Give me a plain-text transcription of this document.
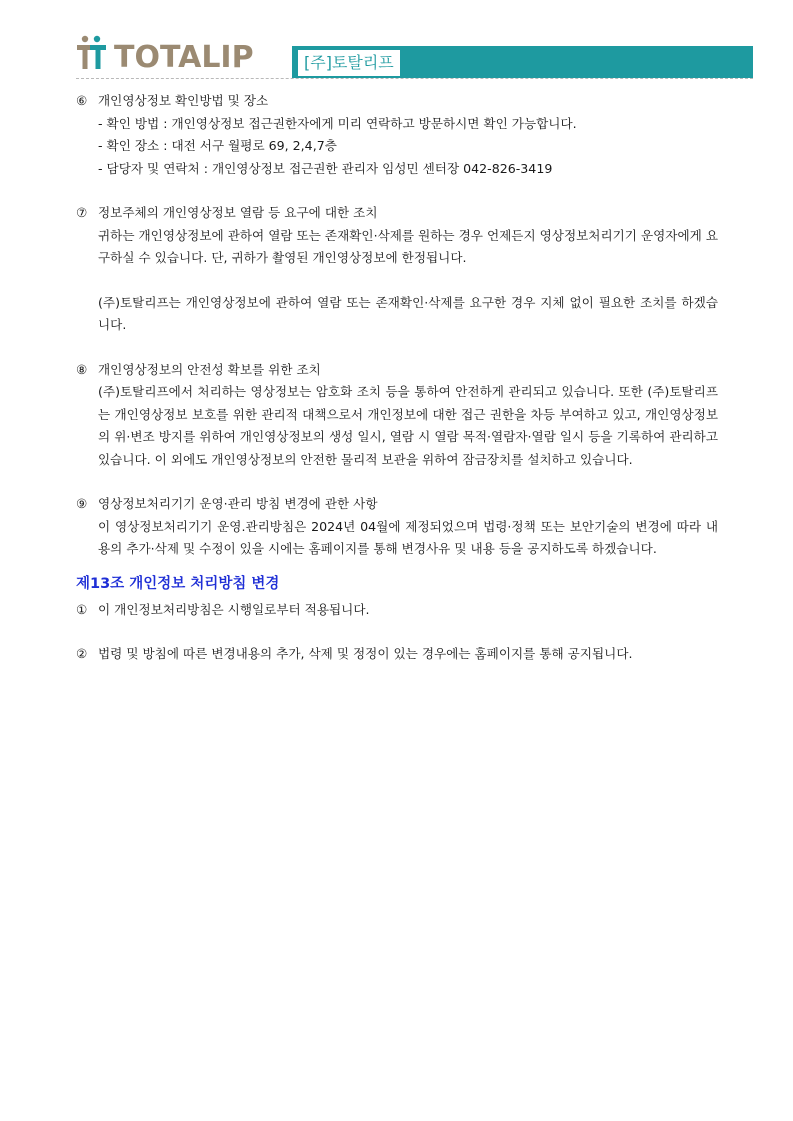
TOTALIP	[주]토탈리프
⑥ 개인영상정보 확인방법 및 장소
- 확인 방법 : 개인영상정보 접근권한자에게 미리 연락하고 방문하시면 확인 가능합니다.
- 확인 장소 : 대전 서구 월평로 69, 2,4,7층
- 담당자 및 연락처 : 개인영상정보 접근권한 관리자 임성민 센터장 042-826-3419
⑦ 정보주체의 개인영상정보 열람 등 요구에 대한 조치
귀하는 개인영상정보에 관하여 열람 또는 존재확인·삭제를 원하는 경우 언제든지 영상정보처리기기 운영자에게 요구하실 수 있습니다. 단, 귀하가 촬영된 개인영상정보에 한정됩니다.
(주)토탈리프는 개인영상정보에 관하여 열람 또는 존재확인·삭제를 요구한 경우 지체 없이 필요한 조치를 하겠습니다.
⑧ 개인영상정보의 안전성 확보를 위한 조치
(주)토탈리프에서 처리하는 영상정보는 암호화 조치 등을 통하여 안전하게 관리되고 있습니다. 또한 (주)토탈리프는 개인영상정보 보호를 위한 관리적 대책으로서 개인정보에 대한 접근 권한을 차등 부여하고 있고, 개인영상정보의 위·변조 방지를 위하여 개인영상정보의 생성 일시, 열람 시 열람 목적·열람자·열람 일시 등을 기록하여 관리하고 있습니다. 이 외에도 개인영상정보의 안전한 물리적 보관을 위하여 잠금장치를 설치하고 있습니다.
⑨ 영상정보처리기기 운영·관리 방침 변경에 관한 사항
이 영상정보처리기기 운영.관리방침은 2024년 04월에 제정되었으며 법령·정책 또는 보안기술의 변경에 따라 내용의 추가·삭제 및 수정이 있을 시에는 홈페이지를 통해 변경사유 및 내용 등을 공지하도록 하겠습니다.
제13조 개인정보 처리방침 변경
① 이 개인정보처리방침은 시행일로부터 적용됩니다.
② 법령 및 방침에 따른 변경내용의 추가, 삭제 및 정정이 있는 경우에는 홈페이지를 통해 공지됩니다.
